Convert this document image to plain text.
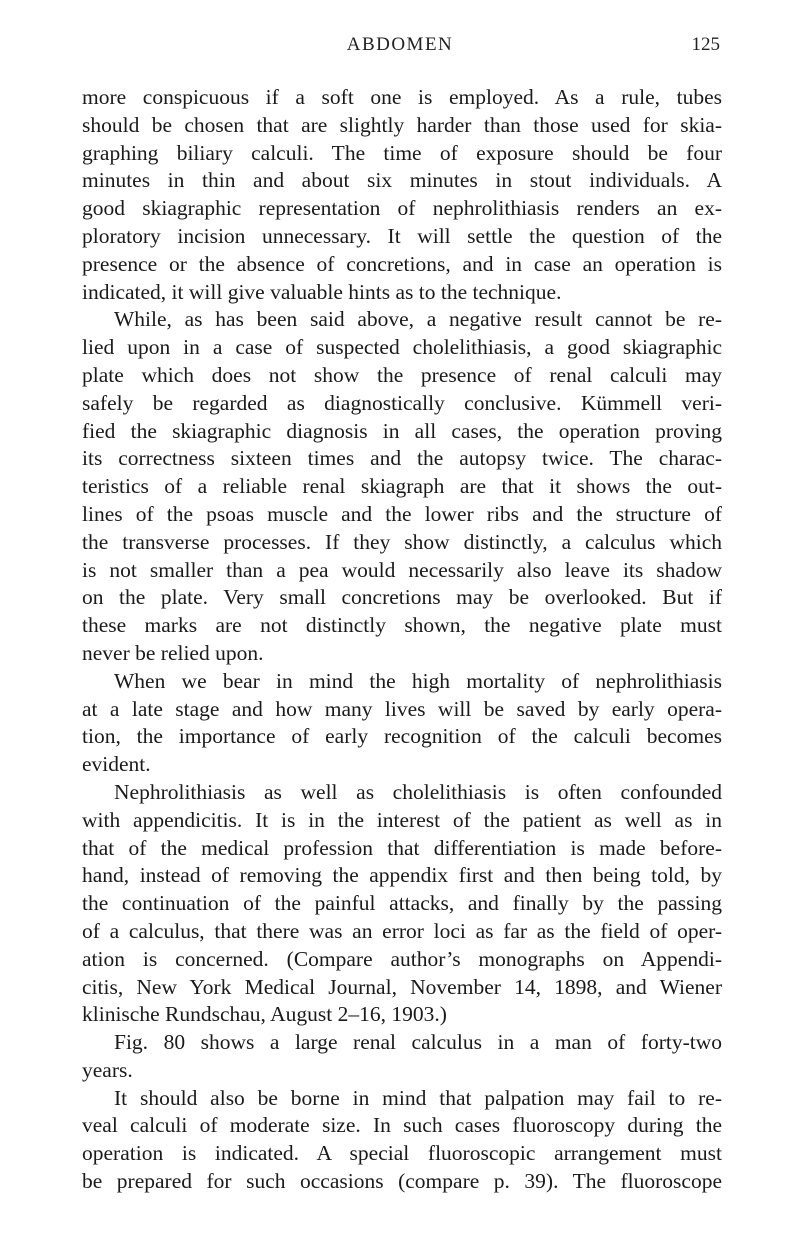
ABDOMEN	125
more conspicuous if a soft one is employed. As a rule, tubes
should be chosen that are slightly harder than those used for skia-
graphing biliary calculi. The time of exposure should be four
minutes in thin and about six minutes in stout individuals. A
good skiagraphic representation of nephrolithiasis renders an ex-
ploratory incision unnecessary. It will settle the question of the
presence or the absence of concretions, and in case an operation is
indicated, it will give valuable hints as to the technique.
While, as has been said above, a negative result cannot be re-
lied upon in a case of suspected cholelithiasis, a good skiagraphic
plate which does not show the presence of renal calculi may
safely be regarded as diagnostically conclusive. Kümmell veri-
fied the skiagraphic diagnosis in all cases, the operation proving
its correctness sixteen times and the autopsy twice. The charac-
teristics of a reliable renal skiagraph are that it shows the out-
lines of the psoas muscle and the lower ribs and the structure of
the transverse processes. If they show distinctly, a calculus which
is not smaller than a pea would necessarily also leave its shadow
on the plate. Very small concretions may be overlooked. But if
these marks are not distinctly shown, the negative plate must
never be relied upon.
When we bear in mind the high mortality of nephrolithiasis
at a late stage and how many lives will be saved by early opera-
tion, the importance of early recognition of the calculi becomes
evident.
Nephrolithiasis as well as cholelithiasis is often confounded
with appendicitis. It is in the interest of the patient as well as in
that of the medical profession that differentiation is made before-
hand, instead of removing the appendix first and then being told, by
the continuation of the painful attacks, and finally by the passing
of a calculus, that there was an error loci as far as the field of oper-
ation is concerned. (Compare author’s monographs on Appendi-
citis, New York Medical Journal, November 14, 1898, and Wiener
klinische Rundschau, August 2–16, 1903.)
Fig. 80 shows a large renal calculus in a man of forty-two
years.
It should also be borne in mind that palpation may fail to re-
veal calculi of moderate size. In such cases fluoroscopy during the
operation is indicated. A special fluoroscopic arrangement must
be prepared for such occasions (compare p. 39). The fluoroscope
